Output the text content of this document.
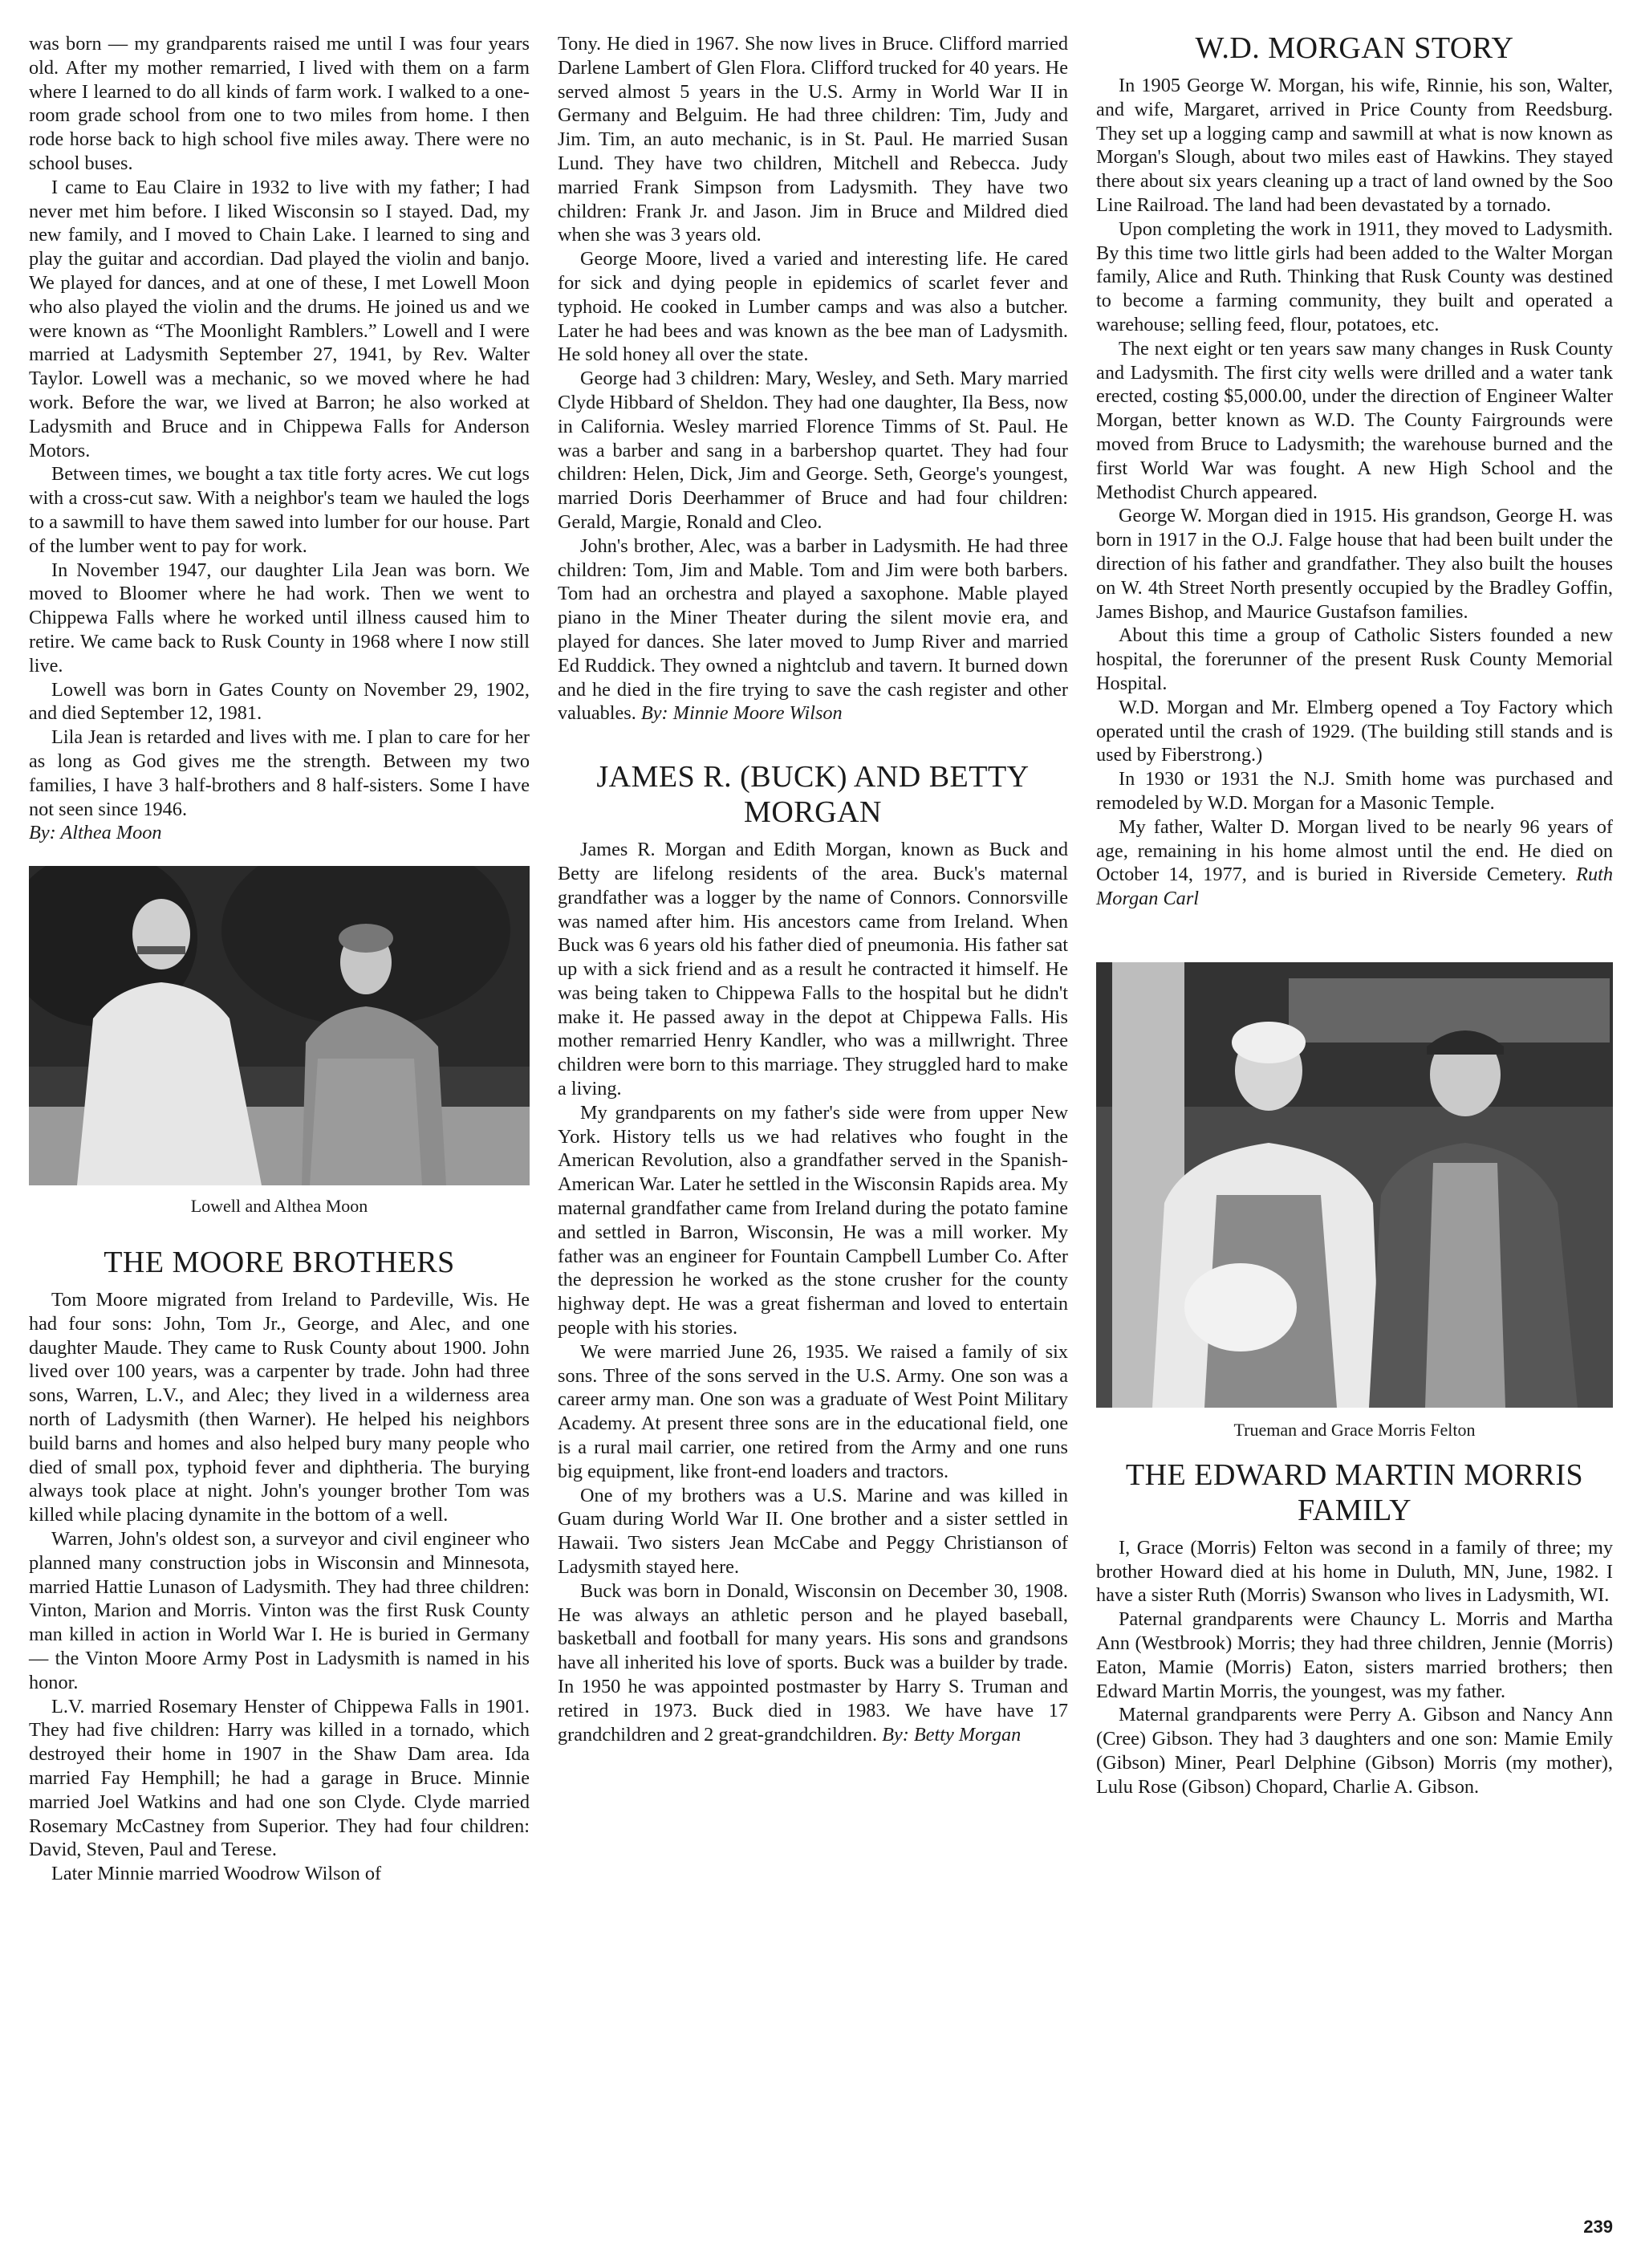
was born — my grandparents raised me until I was four years old. After my mother remarried, I lived with them on a farm where I learned to do all kinds of farm work. I walked to a one-room grade school from one to two miles from home. I then rode horse back to high school five miles away. There were no school buses.

I came to Eau Claire in 1932 to live with my father; I had never met him before. I liked Wisconsin so I stayed. Dad, my new family, and I moved to Chain Lake. I learned to sing and play the guitar and accordian. Dad played the violin and banjo. We played for dances, and at one of these, I met Lowell Moon who also played the violin and the drums. He joined us and we were known as “The Moonlight Ramblers.” Lowell and I were married at Ladysmith September 27, 1941, by Rev. Walter Taylor. Lowell was a mechanic, so we moved where he had work. Before the war, we lived at Barron; he also worked at Ladysmith and Bruce and in Chippewa Falls for Anderson Motors.

Between times, we bought a tax title forty acres. We cut logs with a cross-cut saw. With a neighbor's team we hauled the logs to a sawmill to have them sawed into lumber for our house. Part of the lumber went to pay for work.

In November 1947, our daughter Lila Jean was born. We moved to Bloomer where he had work. Then we went to Chippewa Falls where he worked until illness caused him to retire. We came back to Rusk County in 1968 where I now still live.

Lowell was born in Gates County on November 29, 1902, and died September 12, 1981.

Lila Jean is retarded and lives with me. I plan to care for her as long as God gives me the strength. Between my two families, I have 3 half-brothers and 8 half-sisters. Some I have not seen since 1946.

By: Althea Moon

Lowell and Althea Moon
THE MOORE BROTHERS

Tom Moore migrated from Ireland to Pardeville, Wis. He had four sons: John, Tom Jr., George, and Alec, and one daughter Maude. They came to Rusk County about 1900. John lived over 100 years, was a carpenter by trade. John had three sons, Warren, L.V., and Alec; they lived in a wilderness area north of Ladysmith (then Warner). He helped his neighbors build barns and homes and also helped bury many people who died of small pox, typhoid fever and diphtheria. The burying always took place at night. John's younger brother Tom was killed while placing dynamite in the bottom of a well.

Warren, John's oldest son, a surveyor and civil engineer who planned many construction jobs in Wisconsin and Minnesota, married Hattie Lunason of Ladysmith. They had three children: Vinton, Marion and Morris. Vinton was the first Rusk County man killed in action in World War I. He is buried in Germany — the Vinton Moore Army Post in Ladysmith is named in his honor.

L.V. married Rosemary Henster of Chippewa Falls in 1901. They had five children: Harry was killed in a tornado, which destroyed their home in 1907 in the Shaw Dam area. Ida married Fay Hemphill; he had a garage in Bruce. Minnie married Joel Watkins and had one son Clyde. Clyde married Rosemary McCastney from Superior. They had four children: David, Steven, Paul and Terese.

Later Minnie married Woodrow Wilson of

Tony. He died in 1967. She now lives in Bruce. Clifford married Darlene Lambert of Glen Flora. Clifford trucked for 40 years. He served almost 5 years in the U.S. Army in World War II in Germany and Belguim. He had three children: Tim, Judy and Jim. Tim, an auto mechanic, is in St. Paul. He married Susan Lund. They have two children, Mitchell and Rebecca. Judy married Frank Simpson from Ladysmith. They have two children: Frank Jr. and Jason. Jim in Bruce and Mildred died when she was 3 years old.

George Moore, lived a varied and interesting life. He cared for sick and dying people in epidemics of scarlet fever and typhoid. He cooked in Lumber camps and was also a butcher. Later he had bees and was known as the bee man of Ladysmith. He sold honey all over the state.

George had 3 children: Mary, Wesley, and Seth. Mary married Clyde Hibbard of Sheldon. They had one daughter, Ila Bess, now in California. Wesley married Florence Timms of St. Paul. He was a barber and sang in a barbershop quartet. They had four children: Helen, Dick, Jim and George. Seth, George's youngest, married Doris Deerhammer of Bruce and had four children: Gerald, Margie, Ronald and Cleo.

John's brother, Alec, was a barber in Ladysmith. He had three children: Tom, Jim and Mable. Tom and Jim were both barbers. Tom had an orchestra and played a saxophone. Mable played piano in the Miner Theater during the silent movie era, and played for dances. She later moved to Jump River and married Ed Ruddick. They owned a nightclub and tavern. It burned down and he died in the fire trying to save the cash register and other valuables. By: Minnie Moore Wilson

JAMES R. (BUCK) AND BETTY MORGAN

James R. Morgan and Edith Morgan, known as Buck and Betty are lifelong residents of the area. Buck's maternal grandfather was a logger by the name of Connors. Connorsville was named after him. His ancestors came from Ireland. When Buck was 6 years old his father died of pneumonia. His father sat up with a sick friend and as a result he contracted it himself. He was being taken to Chippewa Falls to the hospital but he didn't make it. He passed away in the depot at Chippewa Falls. His mother remarried Henry Kandler, who was a millwright. Three children were born to this marriage. They struggled hard to make a living.

My grandparents on my father's side were from upper New York. History tells us we had relatives who fought in the American Revolution, also a grandfather served in the Spanish-American War. Later he settled in the Wisconsin Rapids area. My maternal grandfather came from Ireland during the potato famine and settled in Barron, Wisconsin, He was a mill worker. My father was an engineer for Fountain Campbell Lumber Co. After the depression he worked as the stone crusher for the county highway dept. He was a great fisherman and loved to entertain people with his stories.

We were married June 26, 1935. We raised a family of six sons. Three of the sons served in the U.S. Army. One son was a career army man. One son was a graduate of West Point Military Academy. At present three sons are in the educational field, one is a rural mail carrier, one retired from the Army and one runs big equipment, like front-end loaders and tractors.

One of my brothers was a U.S. Marine and was killed in Guam during World War II. One brother and a sister settled in Hawaii. Two sisters Jean McCabe and Peggy Christianson of Ladysmith stayed here.

Buck was born in Donald, Wisconsin on December 30, 1908. He was always an athletic person and he played baseball, basketball and football for many years. His sons and grandsons have all inherited his love of sports. Buck was a builder by trade. In 1950 he was appointed postmaster by Harry S. Truman and retired in 1973. Buck died in 1983. We have have 17 grandchildren and 2 great-grandchildren. By: Betty Morgan

W.D. MORGAN STORY

In 1905 George W. Morgan, his wife, Rinnie, his son, Walter, and wife, Margaret, arrived in Price County from Reedsburg. They set up a logging camp and sawmill at what is now known as Morgan's Slough, about two miles east of Hawkins. They stayed there about six years cleaning up a tract of land owned by the Soo Line Railroad. The land had been devastated by a tornado.

Upon completing the work in 1911, they moved to Ladysmith. By this time two little girls had been added to the Walter Morgan family, Alice and Ruth. Thinking that Rusk County was destined to become a farming community, they built and operated a warehouse; selling feed, flour, potatoes, etc.

The next eight or ten years saw many changes in Rusk County and Ladysmith. The first city wells were drilled and a water tank erected, costing $5,000.00, under the direction of Engineer Walter Morgan, better known as W.D. The County Fairgrounds were moved from Bruce to Ladysmith; the warehouse burned and the first World War was fought. A new High School and the Methodist Church appeared.

George W. Morgan died in 1915. His grandson, George H. was born in 1917 in the O.J. Falge house that had been built under the direction of his father and grandfather. They also built the houses on W. 4th Street North presently occupied by the Bradley Goffin, James Bishop, and Maurice Gustafson families.

About this time a group of Catholic Sisters founded a new hospital, the forerunner of the present Rusk County Memorial Hospital.

W.D. Morgan and Mr. Elmberg opened a Toy Factory which operated until the crash of 1929. (The building still stands and is used by Fiberstrong.)

In 1930 or 1931 the N.J. Smith home was purchased and remodeled by W.D. Morgan for a Masonic Temple.

My father, Walter D. Morgan lived to be nearly 96 years of age, remaining in his home almost until the end. He died on October 14, 1977, and is buried in Riverside Cemetery. Ruth Morgan Carl

Trueman and Grace Morris Felton
THE EDWARD MARTIN MORRIS FAMILY

I, Grace (Morris) Felton was second in a family of three; my brother Howard died at his home in Duluth, MN, June, 1982. I have a sister Ruth (Morris) Swanson who lives in Ladysmith, WI.

Paternal grandparents were Chauncy L. Morris and Martha Ann (Westbrook) Morris; they had three children, Jennie (Morris) Eaton, Mamie (Morris) Eaton, sisters married brothers; then Edward Martin Morris, the youngest, was my father.

Maternal grandparents were Perry A. Gibson and Nancy Ann (Cree) Gibson. They had 3 daughters and one son: Mamie Emily (Gibson) Miner, Pearl Delphine (Gibson) Morris (my mother), Lulu Rose (Gibson) Chopard, Charlie A. Gibson.

239
